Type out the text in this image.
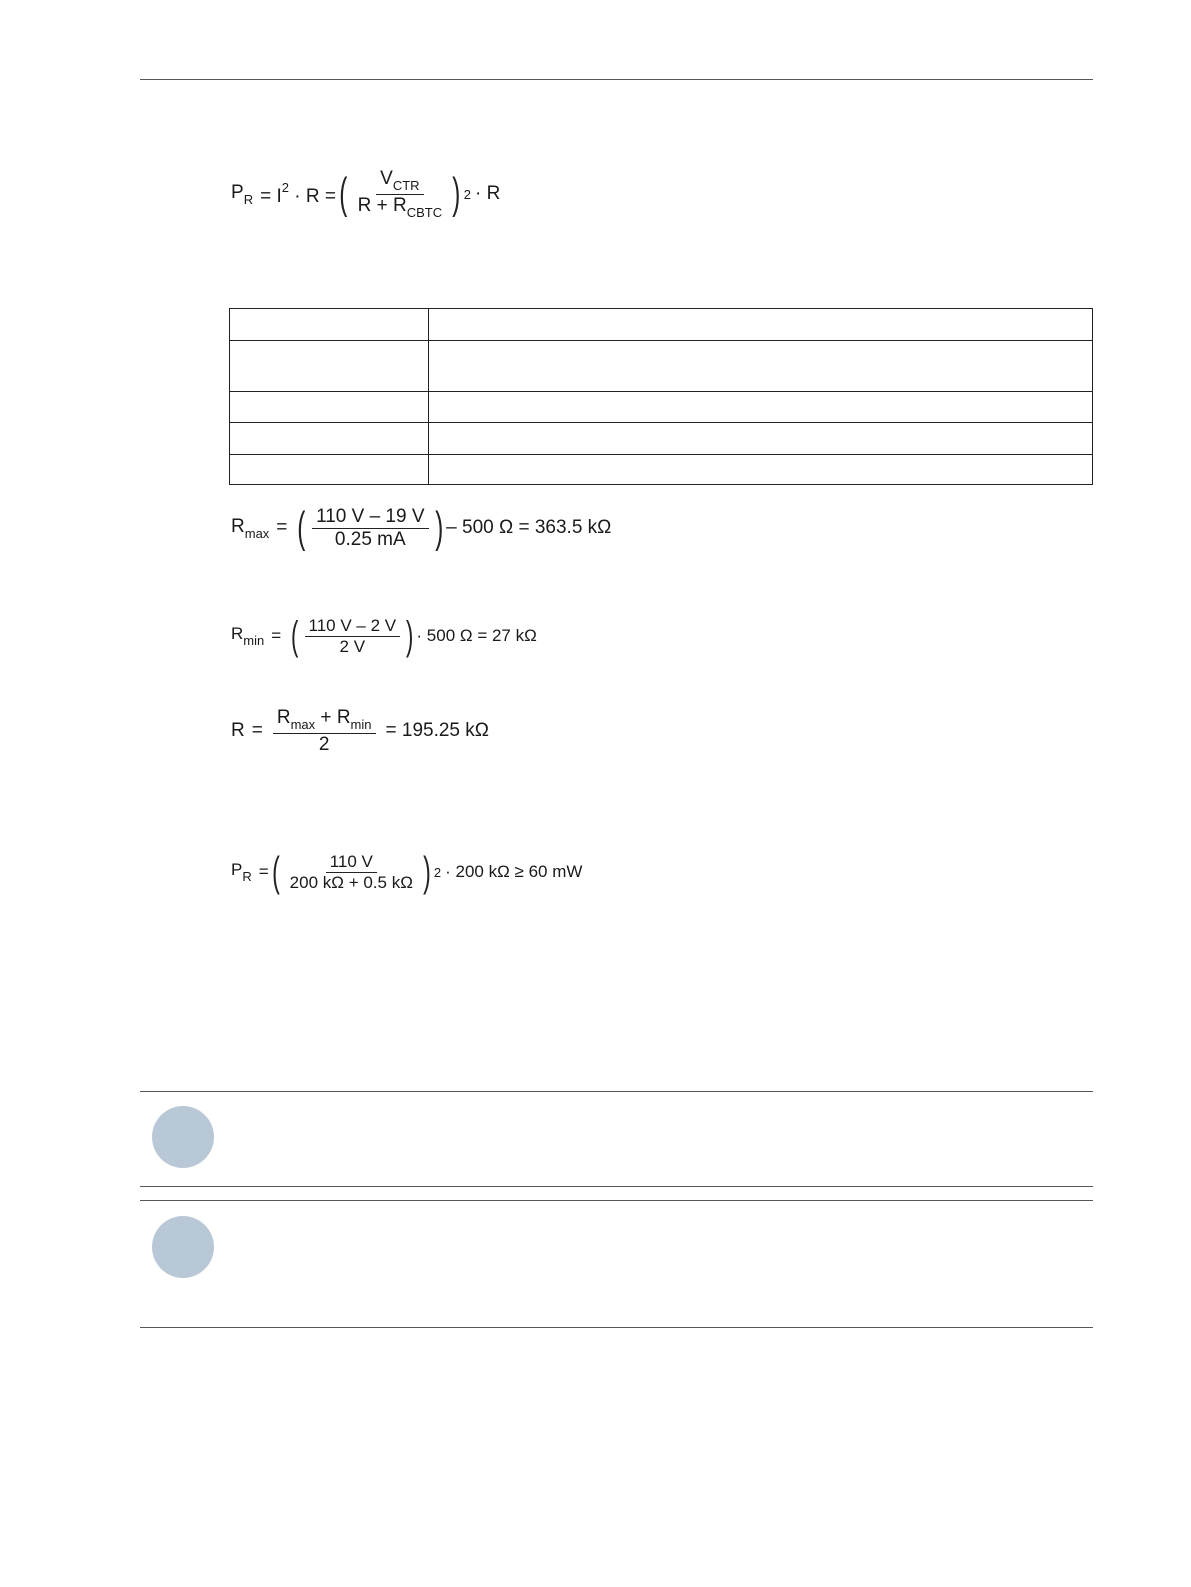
$P_R = I^2 \cdot R$ = ( $\frac{V_{CTR}}{R + R_{CBTC}}$ ) 2 · R

$R_{max}$ = ( $\frac{110 V - 19 V}{0.25 mA}$ ) – 500 Ω = 363.5 kΩ
$R_{min}$ = ( $\frac{110 V - 2 V}{2 V}$ ) · 500 Ω = 27 kΩ
$R = \frac{R_{max} + R_{min}}{2} = 195.25$ kΩ
$P_R$ = ( $\frac{110 V}{200 k\Omega + 0.5 k\Omega}$ ) 2 · 200 kΩ ≥ 60 mW
